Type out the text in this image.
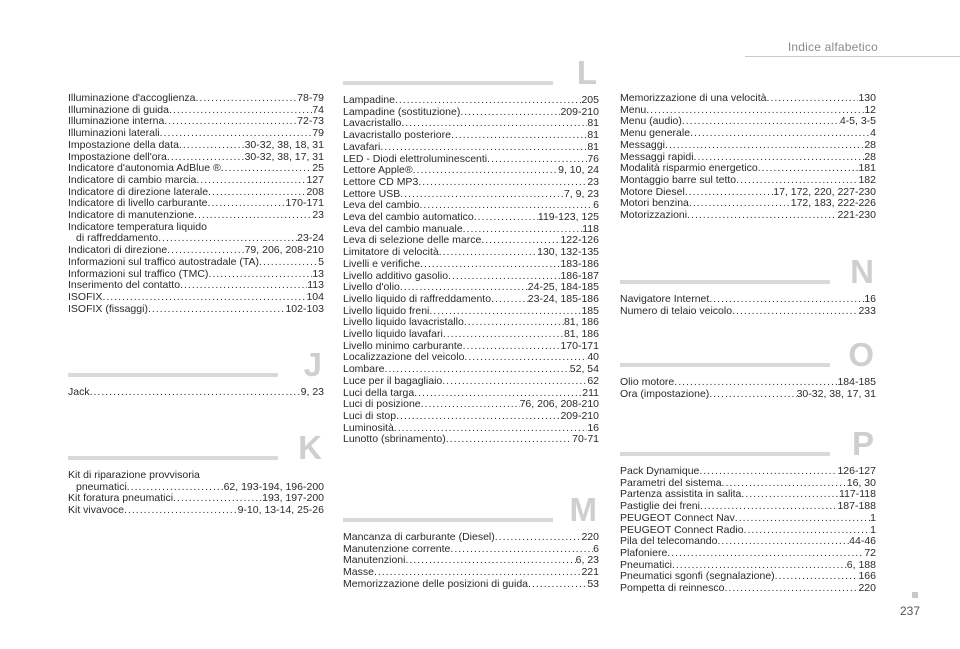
Indice alfabetico
Illuminazione d'accoglienza .....	78-79
Illuminazione di guida .....	74
Illuminazione interna .....	72-73
Illuminazioni laterali .....	79
Impostazione della data .....	30-32, 38, 18, 31
Impostazione dell'ora .....	30-32, 38, 17, 31
Indicatore d'autonomia AdBlue ® .....	25
Indicatore di cambio marcia .....	127
Indicatore di direzione laterale .....	208
Indicatore di livello carburante .....	170-171
Indicatore di manutenzione .....	23
Indicatore temperatura liquido
di raffreddamento .....	23-24
Indicatori di direzione .....	79, 206, 208-210
Informazioni sul traffico autostradale (TA) .....	5
Informazioni sul traffico (TMC) .....	13
Inserimento del contatto .....	113
ISOFIX .....	104
ISOFIX (fissaggi) .....	102-103
J
Jack .....	9, 23
K
Kit di riparazione provvisoria
pneumatici .....	62, 193-194, 196-200
Kit foratura pneumatici .....	193, 197-200
Kit vivavoce .....	9-10, 13-14, 25-26
L
Lampadine .....	205
Lampadine (sostituzione) .....	209-210
Lavacristallo .....	81
Lavacristallo posteriore .....	81
Lavafari .....	81
LED - Diodi elettroluminescenti .....	76
Lettore Apple® .....	9, 10, 24
Lettore CD MP3 .....	23
Lettore USB .....	7, 9, 23
Leva del cambio .....	6
Leva del cambio automatico .....	119-123, 125
Leva del cambio manuale .....	118
Leva di selezione delle marce .....	122-126
Limitatore di velocità .....	130, 132-135
Livelli e verifiche .....	183-186
Livello additivo gasolio .....	186-187
Livello d'olio .....	24-25, 184-185
Livello liquido di raffreddamento .....	23-24, 185-186
Livello liquido freni .....	185
Livello liquido lavacristallo .....	81, 186
Livello liquido lavafari .....	81, 186
Livello minimo carburante .....	170-171
Localizzazione del veicolo .....	40
Lombare .....	52, 54
Luce per il bagagliaio .....	62
Luci della targa .....	211
Luci di posizione .....	76, 206, 208-210
Luci di stop .....	209-210
Luminosità .....	16
Lunotto (sbrinamento) .....	70-71
M
Mancanza di carburante (Diesel) .....	220
Manutenzione corrente .....	6
Manutenzioni .....	6, 23
Masse .....	221
Memorizzazione delle posizioni di guida .....	53
Memorizzazione di una velocità .....	130
Menu .....	12
Menu (audio) .....	4-5, 3-5
Menu generale .....	4
Messaggi .....	28
Messaggi rapidi .....	28
Modalità risparmio energetico .....	181
Montaggio barre sul tetto .....	182
Motore Diesel .....	17, 172, 220, 227-230
Motori benzina .....	172, 183, 222-226
Motorizzazioni .....	221-230
N
Navigatore Internet .....	16
Numero di telaio veicolo .....	233
O
Olio motore .....	184-185
Ora (impostazione) .....	30-32, 38, 17, 31
P
Pack Dynamique .....	126-127
Parametri del sistema .....	16, 30
Partenza assistita in salita .....	117-118
Pastiglie dei freni .....	187-188
PEUGEOT Connect Nav .....	1
PEUGEOT Connect Radio .....	1
Pila del telecomando .....	44-46
Plafoniere .....	72
Pneumatici .....	6, 188
Pneumatici sgonfi (segnalazione) .....	166
Pompetta di reinnesco .....	220
237
